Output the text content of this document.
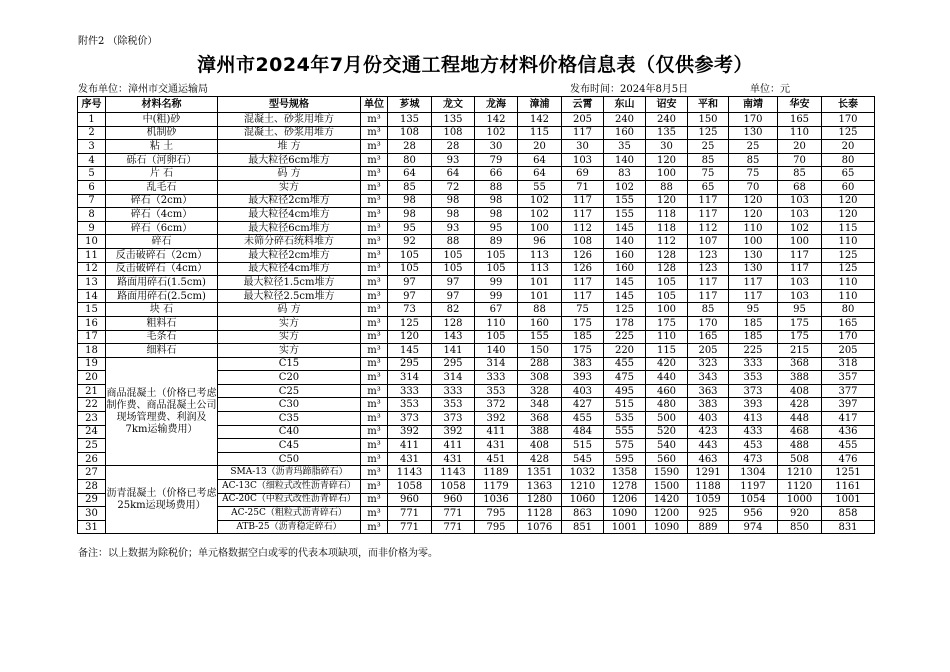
附件2 （除税价）
漳州市2024年7月份交通工程地方材料价格信息表（仅供参考）
发布单位：漳州市交通运输局	发布时间：2024年8月5日	单位：元
序号	材料名称	型号规格	单位	芗城	龙文	龙海	漳浦	云霄	东山	诏安	平和	南靖	华安	长泰
1	中(粗)砂	混凝土、砂浆用堆方	m³	135	135	142	142	205	240	240	150	170	165	170
2	机制砂	混凝土、砂浆用堆方	m³	108	108	102	115	117	160	135	125	130	110	125
3	粘 土	堆 方	m³	28	28	30	20	30	35	30	25	25	20	20
4	砾石（河卵石）	最大粒径6cm堆方	m³	80	93	79	64	103	140	120	85	85	70	80
5	片 石	码 方	m³	64	64	66	64	69	83	100	75	75	85	65
6	乱毛石	实方	m³	85	72	88	55	71	102	88	65	70	68	60
7	碎石（2cm）	最大粒径2cm堆方	m³	98	98	98	102	117	155	120	117	120	103	120
8	碎石（4cm）	最大粒径4cm堆方	m³	98	98	98	102	117	155	118	117	120	103	120
9	碎石（6cm）	最大粒径6cm堆方	m³	95	93	95	100	112	145	118	112	110	102	115
10	碎石	未筛分碎石统料堆方	m³	92	88	89	96	108	140	112	107	100	100	110
11	反击破碎石（2cm）	最大粒径2cm堆方	m³	105	105	105	113	126	160	128	123	130	117	125
12	反击破碎石（4cm）	最大粒径4cm堆方	m³	105	105	105	113	126	160	128	123	130	117	125
13	路面用碎石(1.5cm)	最大粒径1.5cm堆方	m³	97	97	99	101	117	145	105	117	117	103	110
14	路面用碎石(2.5cm)	最大粒径2.5cm堆方	m³	97	97	99	101	117	145	105	117	117	103	110
15	块 石	码 方	m³	73	82	67	88	75	125	100	85	95	95	80
16	粗料石	实方	m³	125	128	110	160	175	178	175	170	185	175	165
17	毛条石	实方	m³	120	143	105	155	185	225	110	165	185	175	170
18	细料石	实方	m³	145	141	140	150	175	220	115	205	225	215	205
19	商品混凝土（价格已考虑制作费、商品混凝土公司现场管理费、利润及7km运输费用）	C15	m³	295	295	314	288	383	455	420	323	333	368	318
20		C20	m³	314	314	333	308	393	475	440	343	353	388	357
21		C25	m³	333	333	353	328	403	495	460	363	373	408	377
22		C30	m³	353	353	372	348	427	515	480	383	393	428	397
23		C35	m³	373	373	392	368	455	535	500	403	413	448	417
24		C40	m³	392	392	411	388	484	555	520	423	433	468	436
25		C45	m³	411	411	431	408	515	575	540	443	453	488	455
26		C50	m³	431	431	451	428	545	595	560	463	473	508	476
27	沥青混凝土（价格已考虑25km运现场费用）	SMA-13（沥青玛蹄脂碎石）	m³	1143	1143	1189	1351	1032	1358	1590	1291	1304	1210	1251
28		AC-13C（细粒式改性沥青碎石）	m³	1058	1058	1179	1363	1210	1278	1500	1188	1197	1120	1161
29		AC-20C（中粒式改性沥青碎石）	m³	960	960	1036	1280	1060	1206	1420	1059	1054	1000	1001
30		AC-25C（粗粒式沥青碎石）	m³	771	771	795	1128	863	1090	1200	925	956	920	858
31		ATB-25（沥青稳定碎石）	m³	771	771	795	1076	851	1001	1090	889	974	850	831
备注：以上数据为除税价；单元格数据空白或零的代表本项缺项，而非价格为零。
